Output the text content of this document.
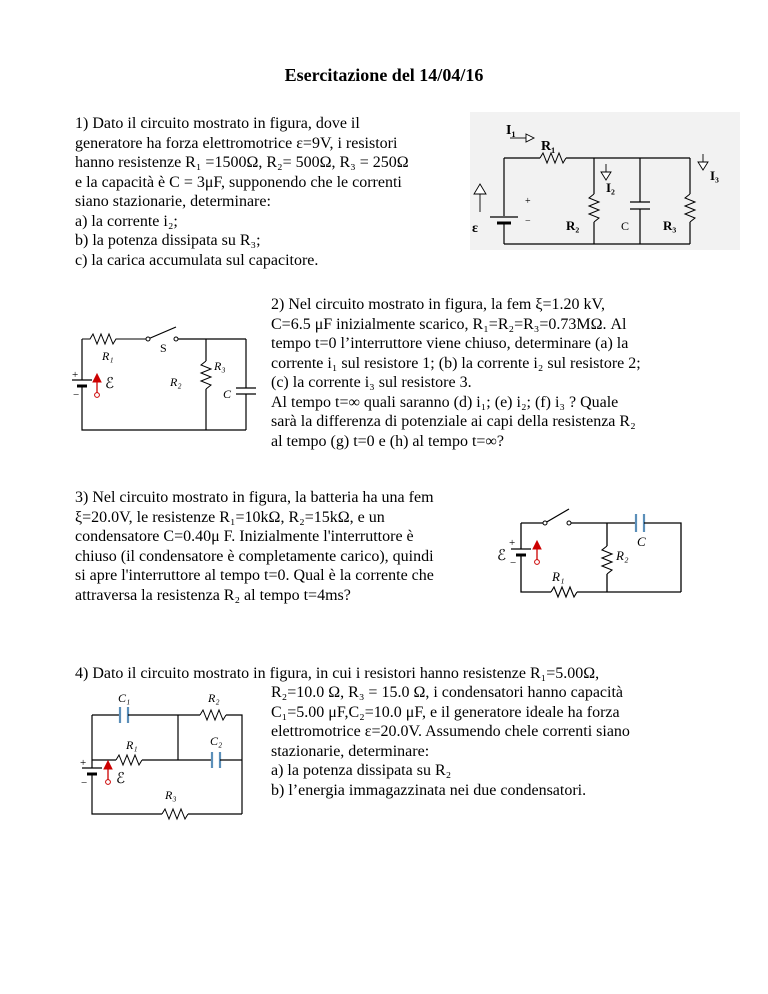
Esercitazione del 14/04/16
1) Dato il circuito mostrato in figura, dove il
generatore ha forza elettromotrice ε=9V, i resistori
hanno resistenze R₁ =1500Ω, R₂= 500Ω, R₃ = 250Ω
e la capacità è C = 3μF, supponendo che le correnti
siano stazionarie, determinare:
a) la corrente i₂;
b) la potenza dissipata su R₃;
c) la carica accumulata sul capacitore.
I₁
R₁
I₂
I₃
R₂	C	R₃
ε
+
−
R₁
S
R₃
R₂
C
ℰ
+
−
2) Nel circuito mostrato in figura, la fem ξ=1.20 kV,
C=6.5 μF inizialmente scarico, R₁=R₂=R₃=0.73MΩ. Al
tempo t=0 l’interruttore viene chiuso, determinare (a) la
corrente i₁ sul resistore 1; (b) la corrente i₂ sul resistore 2;
(c) la corrente i₃ sul resistore 3.
Al tempo t=∞ quali saranno (d) i₁; (e) i₂; (f) i₃ ? Quale
sarà la differenza di potenziale ai capi della resistenza R₂
al tempo (g) t=0 e (h) al tempo t=∞?
3) Nel circuito mostrato in figura, la batteria ha una fem
ξ=20.0V, le resistenze R₁=10kΩ, R₂=15kΩ, e un
condensatore C=0.40μ F. Inizialmente l'interruttore è
chiuso (il condensatore è completamente carico), quindi
si apre l'interruttore al tempo t=0. Qual è la corrente che
attraversa la resistenza R₂ al tempo t=4ms?
C
R₂
R₁
ℰ
+
−
4) Dato il circuito mostrato in figura, in cui i resistori hanno resistenze R₁=5.00Ω,
R₂=10.0 Ω, R₃ = 15.0 Ω, i condensatori hanno capacità
C₁=5.00 μF,C₂=10.0 μF, e il generatore ideale ha forza
elettromotrice ε=20.0V. Assumendo chele correnti siano
stazionarie, determinare:
a) la potenza dissipata su R₂
b) l’energia immagazzinata nei due condensatori.
C₁	R₂
R₁	C₂
R₃
ℰ
+
−
